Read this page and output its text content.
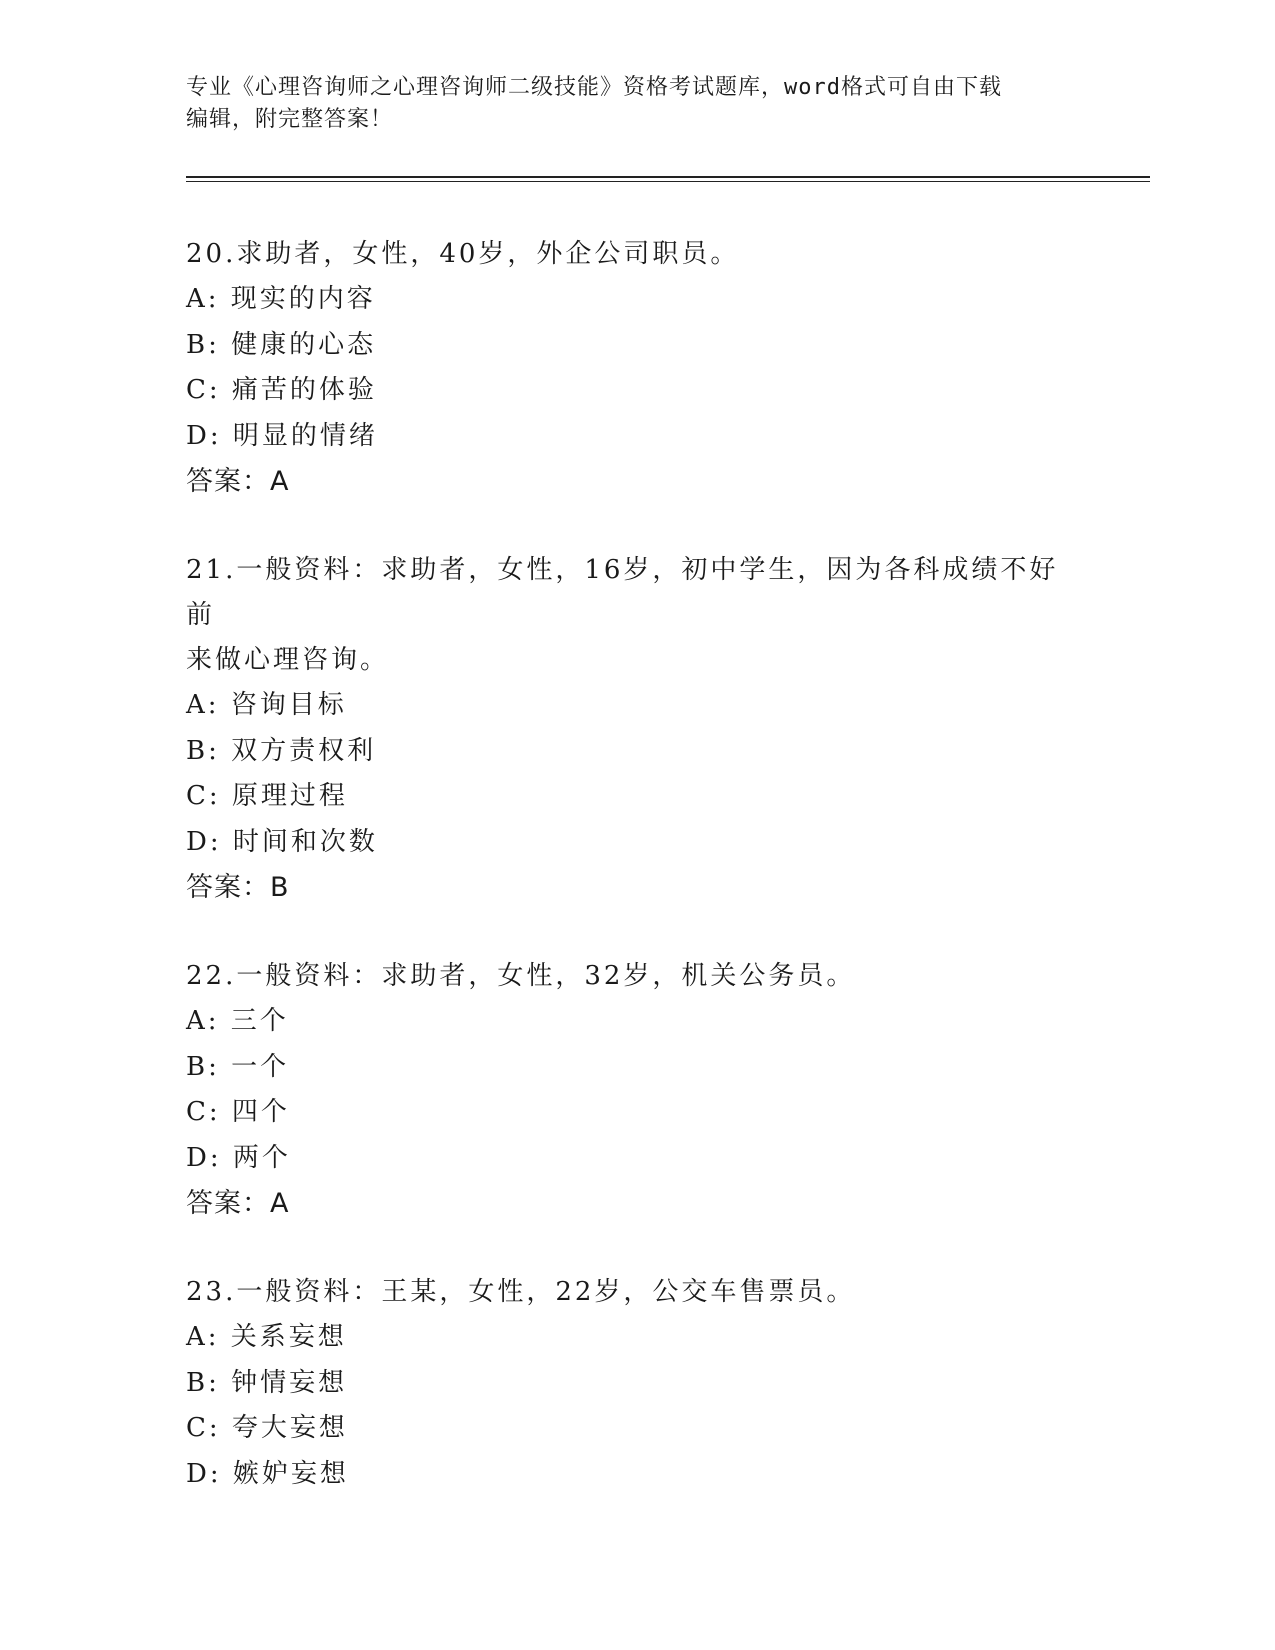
专业《心理咨询师之心理咨询师二级技能》资格考试题库，word格式可自由下载
编辑，附完整答案！
20.求助者，女性，40岁，外企公司职员。
A: 现实的内容
B: 健康的心态
C: 痛苦的体验
D: 明显的情绪
答案：A
21.一般资料：求助者，女性，16岁，初中学生，因为各科成绩不好前
来做心理咨询。
A: 咨询目标
B: 双方责权利
C: 原理过程
D: 时间和次数
答案：B
22.一般资料：求助者，女性，32岁，机关公务员。
A: 三个
B: 一个
C: 四个
D: 两个
答案：A
23.一般资料：王某，女性，22岁，公交车售票员。
A: 关系妄想
B: 钟情妄想
C: 夸大妄想
D: 嫉妒妄想
